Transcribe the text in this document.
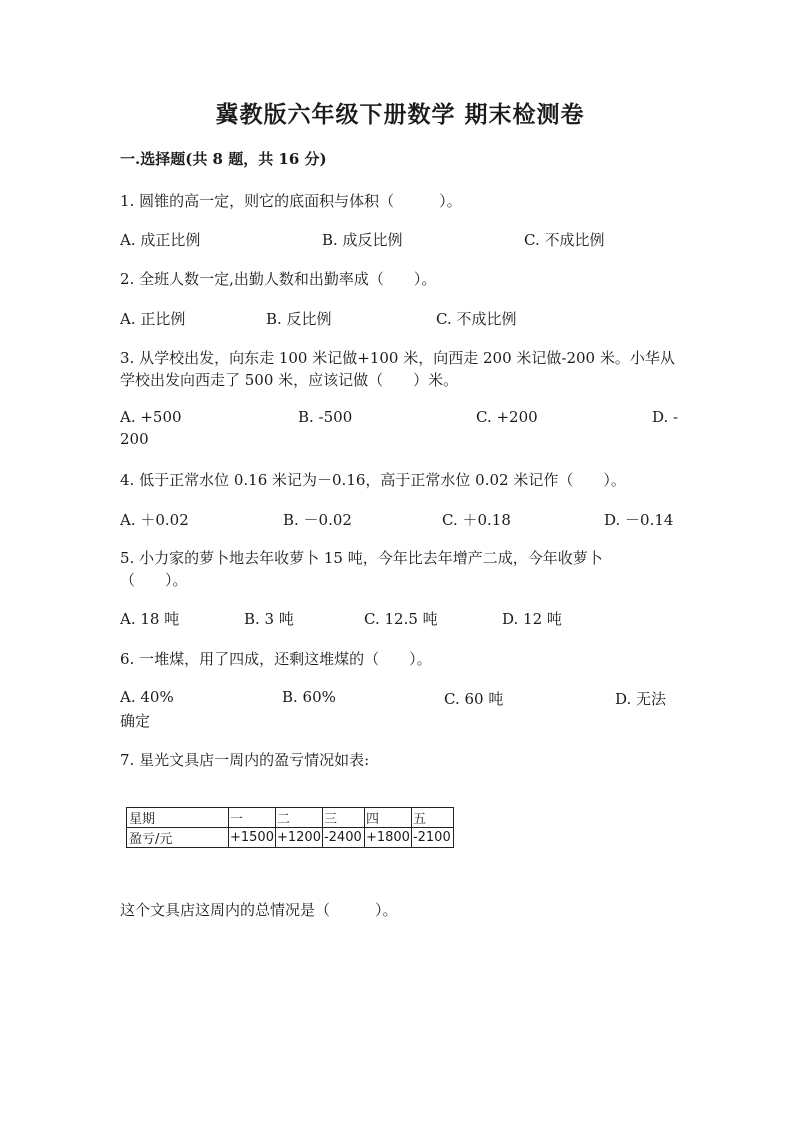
冀教版六年级下册数学 期末检测卷
一.选择题(共 8 题，共 16 分)
1. 圆锥的高一定，则它的底面积与体积（　　　）。
A. 成正比例	B. 成反比例	C. 不成比例
2. 全班人数一定,出勤人数和出勤率成（　　）。
A. 正比例	B. 反比例	C. 不成比例
3. 从学校出发，向东走 100 米记做+100 米，向西走 200 米记做-200 米。小华从
学校出发向西走了 500 米，应该记做（　　）米。
A. +500	B. -500	C. +200	D. -
200
4. 低于正常水位 0.16 米记为－0.16，高于正常水位 0.02 米记作（　　）。
A. ＋0.02	B. －0.02	C. ＋0.18	D. －0.14
5. 小力家的萝卜地去年收萝卜 15 吨，今年比去年增产二成，今年收萝卜
（　　）。
A. 18 吨	B. 3 吨	C. 12.5 吨	D. 12 吨
6. 一堆煤，用了四成，还剩这堆煤的（　　）。
A. 40%	B. 60%	C. 60 吨	D. 无法
确定
7. 星光文具店一周内的盈亏情况如表:
星期	一	二	三	四	五
盈亏/元	+1500	+1200	-2400	+1800	-2100
这个文具店这周内的总情况是（　　　）。
